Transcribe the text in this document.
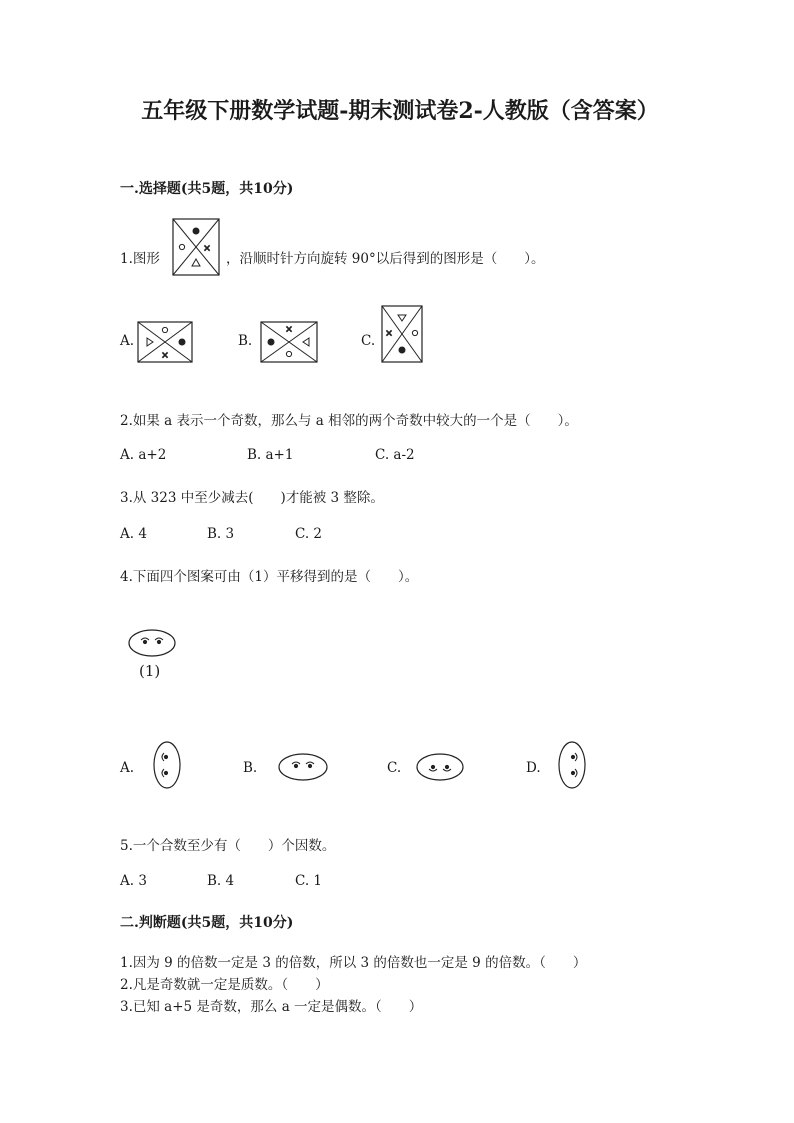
五年级下册数学试题-期末测试卷2-人教版（含答案）
一.选择题(共5题，共10分)
1.图形
×
，沿顺时针方向旋转 90°以后得到的图形是（　　）。
A.
×
B.
×
C. ×
2.如果 a 表示一个奇数，那么与 a 相邻的两个奇数中较大的一个是（　　）。
A. a+2	B. a+1	C. a-2
3.从 323 中至少减去(　　)才能被 3 整除。
A. 4	B. 3	C. 2
4.下面四个图案可由（1）平移得到的是（　　）。
(1)
A.	B.	C.	D.
5.一个合数至少有（　　）个因数。
A. 3	B. 4	C. 1
二.判断题(共5题，共10分)
1.因为 9 的倍数一定是 3 的倍数，所以 3 的倍数也一定是 9 的倍数。（　　）
2.凡是奇数就一定是质数。（　　）
3.已知 a+5 是奇数，那么 a 一定是偶数。（　　）
